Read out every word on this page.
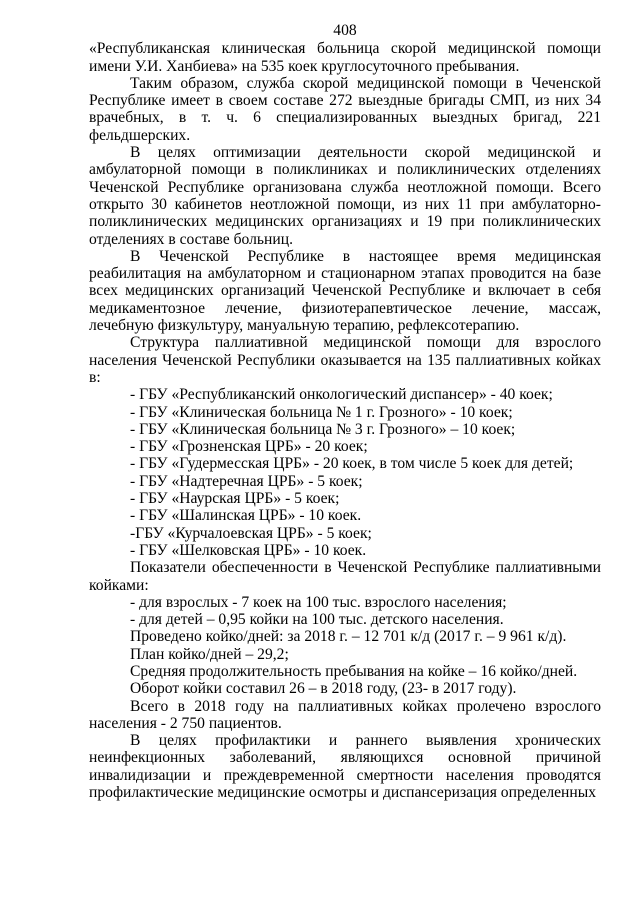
408

«Республиканская клиническая больница скорой медицинской помощи имени У.И. Ханбиева» на 535 коек круглосуточного пребывания.

Таким образом, служба скорой медицинской помощи в Чеченской Республике имеет в своем составе 272 выездные бригады СМП, из них 34 врачебных, в т. ч. 6 специализированных выездных бригад, 221 фельдшерских.

В целях оптимизации деятельности скорой медицинской и амбулаторной помощи в поликлиниках и поликлинических отделениях Чеченской Республике организована служба неотложной помощи. Всего открыто 30 кабинетов неотложной помощи, из них 11 при амбулаторно-поликлинических медицинских организациях и 19 при поликлинических отделениях в составе больниц.

В Чеченской Республике в настоящее время медицинская реабилитация на амбулаторном и стационарном этапах проводится на базе всех медицинских организаций Чеченской Республике и включает в себя медикаментозное лечение, физиотерапевтическое лечение, массаж, лечебную физкультуру, мануальную терапию, рефлексотерапию.

Структура паллиативной медицинской помощи для взрослого населения Чеченской Республики оказывается на 135 паллиативных койках в:

- ГБУ «Республиканский онкологический диспансер» - 40 коек;

- ГБУ «Клиническая больница № 1 г. Грозного» - 10 коек;

- ГБУ «Клиническая больница № 3 г. Грозного» – 10 коек;

- ГБУ «Грозненская ЦРБ» - 20 коек;

- ГБУ «Гудермесская ЦРБ» - 20 коек, в том числе 5 коек для детей;

- ГБУ «Надтеречная ЦРБ» - 5 коек;

- ГБУ «Наурская ЦРБ» - 5 коек;

- ГБУ «Шалинская ЦРБ» - 10 коек.

-ГБУ «Курчалоевская ЦРБ» - 5 коек;

- ГБУ «Шелковская ЦРБ» - 10 коек.

Показатели обеспеченности в Чеченской Республике паллиативными койками:

- для взрослых - 7 коек на 100 тыс. взрослого населения;

- для детей – 0,95 койки на 100 тыс. детского населения.

Проведено койко/дней: за 2018 г. – 12 701 к/д (2017 г. – 9 961 к/д).

План койко/дней – 29,2;

Средняя продолжительность пребывания на койке – 16 койко/дней.

Оборот койки составил 26 – в 2018 году, (23- в 2017 году).

Всего в 2018 году на паллиативных койках пролечено взрослого населения - 2 750 пациентов.

В целях профилактики и раннего выявления хронических неинфекционных заболеваний, являющихся основной причиной инвалидизации и преждевременной смертности населения проводятся профилактические медицинские осмотры и диспансеризация определенных
